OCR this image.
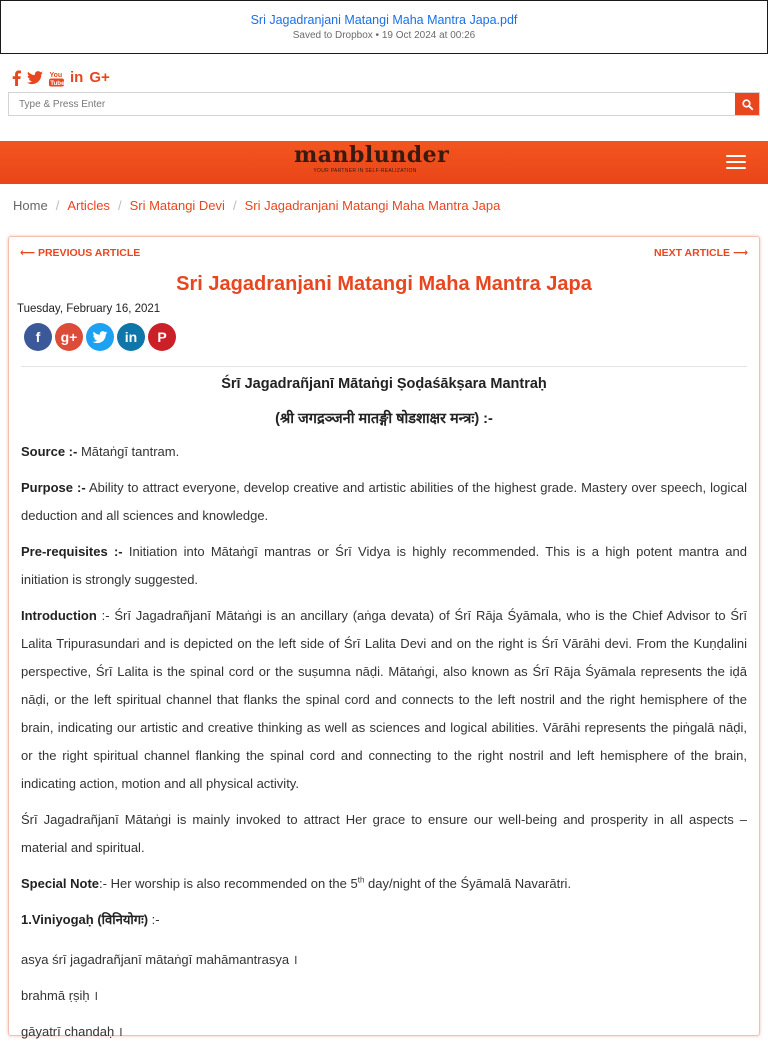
Sri Jagadranjani Matangi Maha Mantra Japa.pdf
Saved to Dropbox • 19 Oct 2024 at 00:26
You
Tube in G+
Type & Press Enter
manblunder
YOUR PARTNER IN SELF-REALIZATION
Home / Articles / Sri Matangi Devi / Sri Jagadranjani Matangi Maha Mantra Japa
⟵ PREVIOUS ARTICLE	NEXT ARTICLE ⟶
Sri Jagadranjani Matangi Maha Mantra Japa
Tuesday, February 16, 2021
f	g+	in	P
Śrī Jagadrañjanī Mātaṅgi Ṣoḍaśākṣara Mantraḥ
(श्री जगद्रञ्जनी मातङ्गी षोडशाक्षर मन्त्रः) :-

Source :- Mātaṅgī tantram.

Purpose :- Ability to attract everyone, develop creative and artistic abilities of the highest grade. Mastery over speech, logical deduction and all sciences and knowledge.

Pre-requisites :- Initiation into Mātaṅgī mantras or Śrī Vidya is highly recommended. This is a high potent mantra and initiation is strongly suggested.

Introduction :- Śrī Jagadrañjanī Mātaṅgi is an ancillary (aṅga devata) of Śrī Rāja Śyāmala, who is the Chief Advisor to Śrī Lalita Tripurasundari and is depicted on the left side of Śrī Lalita Devi and on the right is Śrī Vārāhi devi. From the Kuṇḍalini perspective, Śrī Lalita is the spinal cord or the suṣumna nāḍi. Mātaṅgi, also known as Śrī Rāja Śyāmala represents the iḍā nāḍi, or the left spiritual channel that flanks the spinal cord and connects to the left nostril and the right hemisphere of the brain, indicating our artistic and creative thinking as well as sciences and logical abilities. Vārāhi represents the piṅgalā nāḍi, or the right spiritual channel flanking the spinal cord and connecting to the right nostril and left hemisphere of the brain, indicating action, motion and all physical activity.

Śrī Jagadrañjanī Mātaṅgi is mainly invoked to attract Her grace to ensure our well-being and prosperity in all aspects – material and spiritual.

Special Note:- Her worship is also recommended on the 5th day/night of the Śyāmalā Navarātri.

1.Viniyogaḥ (विनियोगः) :-

asya śrī jagadrañjanī mātaṅgī mahāmantrasya ।

brahmā ṛṣiḥ ।

gāyatrī chandaḥ ।
